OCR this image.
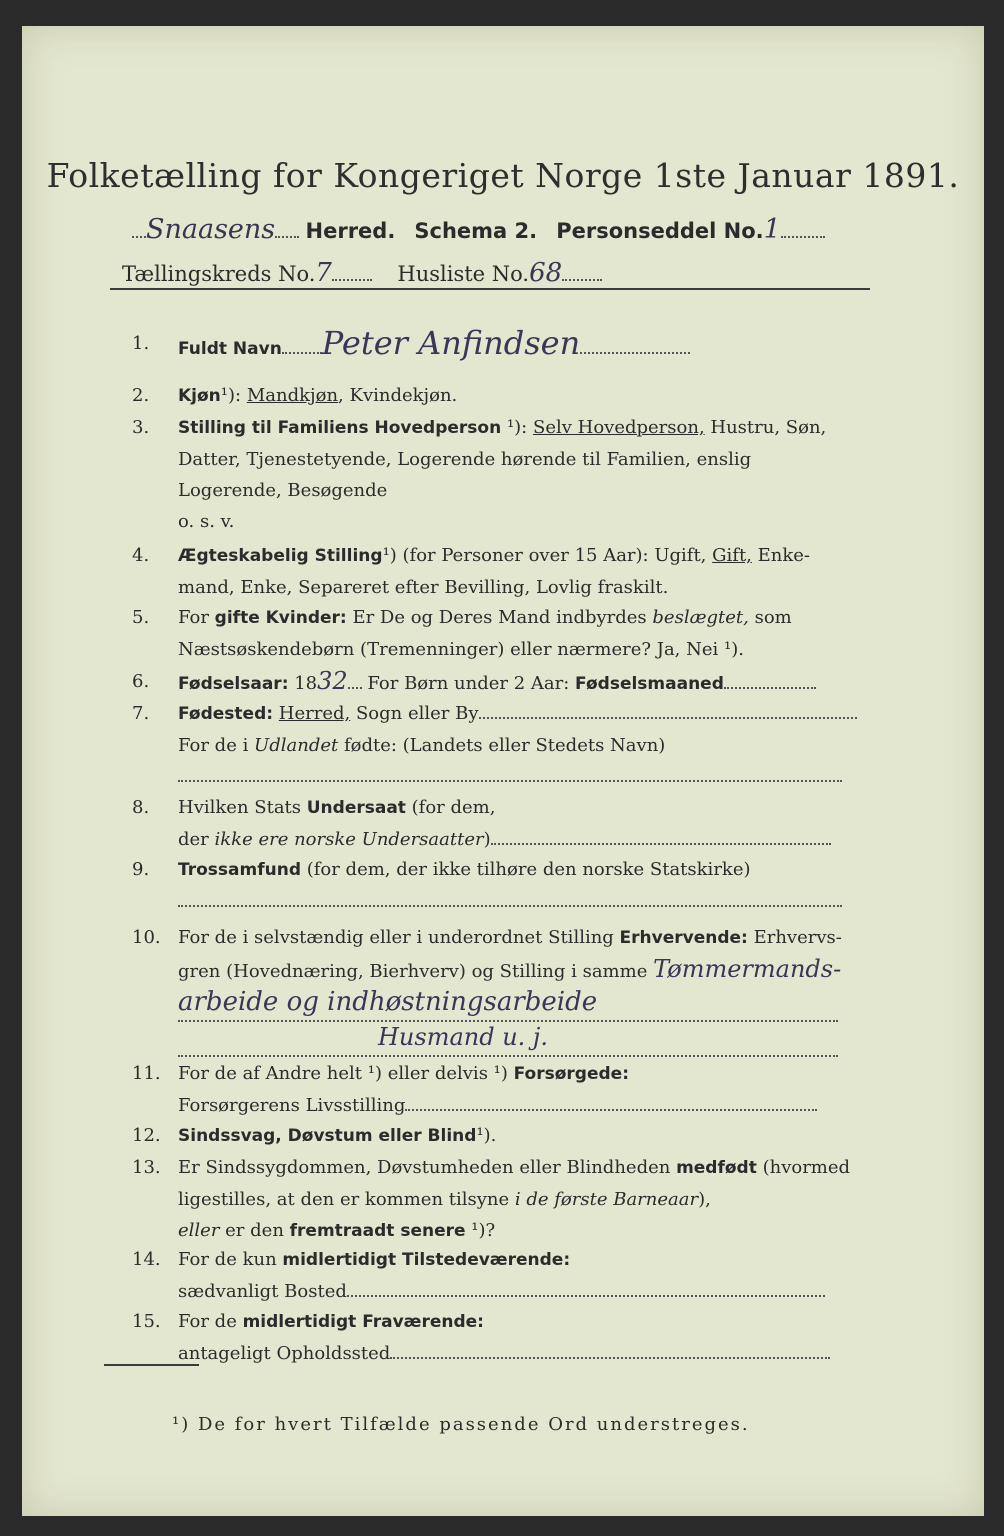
Folketælling for Kongeriget Norge 1ste Januar 1891.
Snaasens Herred. Schema 2. Personseddel No.1
Tællingskreds No.7	Husliste No.68
1.	Fuldt Navn Peter Anfindsen
2.	Kjøn¹): Mandkjøn, Kvindekjøn.
3.	Stilling til Familiens Hovedperson ¹): Selv Hovedperson, Hustru, Søn,
Datter, Tjenestetyende, Logerende hørende til Familien, enslig
Logerende, Besøgende
o. s. v.
4.	Ægteskabelig Stilling¹) (for Personer over 15 Aar): Ugift, Gift, Enke-
mand, Enke, Separeret efter Bevilling, Lovlig fraskilt.
5.	For gifte Kvinder: Er De og Deres Mand indbyrdes beslægtet, som
Næstsøskendebørn (Tremenninger) eller nærmere? Ja, Nei ¹).
6.	Fødselsaar: 1832 For Børn under 2 Aar: Fødselsmaaned
7.	Fødested: Herred, Sogn eller By
For de i Udlandet fødte: (Landets eller Stedets Navn)
8.	Hvilken Stats Undersaat (for dem,
der ikke ere norske Undersaatter)
9.	Trossamfund (for dem, der ikke tilhøre den norske Statskirke)
10. For de i selvstændig eller i underordnet Stilling Erhvervende: Erhvervs-
gren (Hovednæring, Bierhverv) og Stilling i samme Tømmermands-
arbeide og indhøstningsarbeide
Husmand u. j.
11. For de af Andre helt ¹) eller delvis ¹) Forsørgede:
Forsørgerens Livsstilling
12.	Sindssvag, Døvstum eller Blind¹).
13. Er Sindssygdommen, Døvstumheden eller Blindheden medfødt (hvormed
ligestilles, at den er kommen tilsyne i de første Barneaar),
eller er den fremtraadt senere ¹)?
14. For de kun midlertidigt Tilstedeværende:
sædvanligt Bosted
15. For de midlertidigt Fraværende:
antageligt Opholdssted
¹) De for hvert Tilfælde passende Ord understreges.
